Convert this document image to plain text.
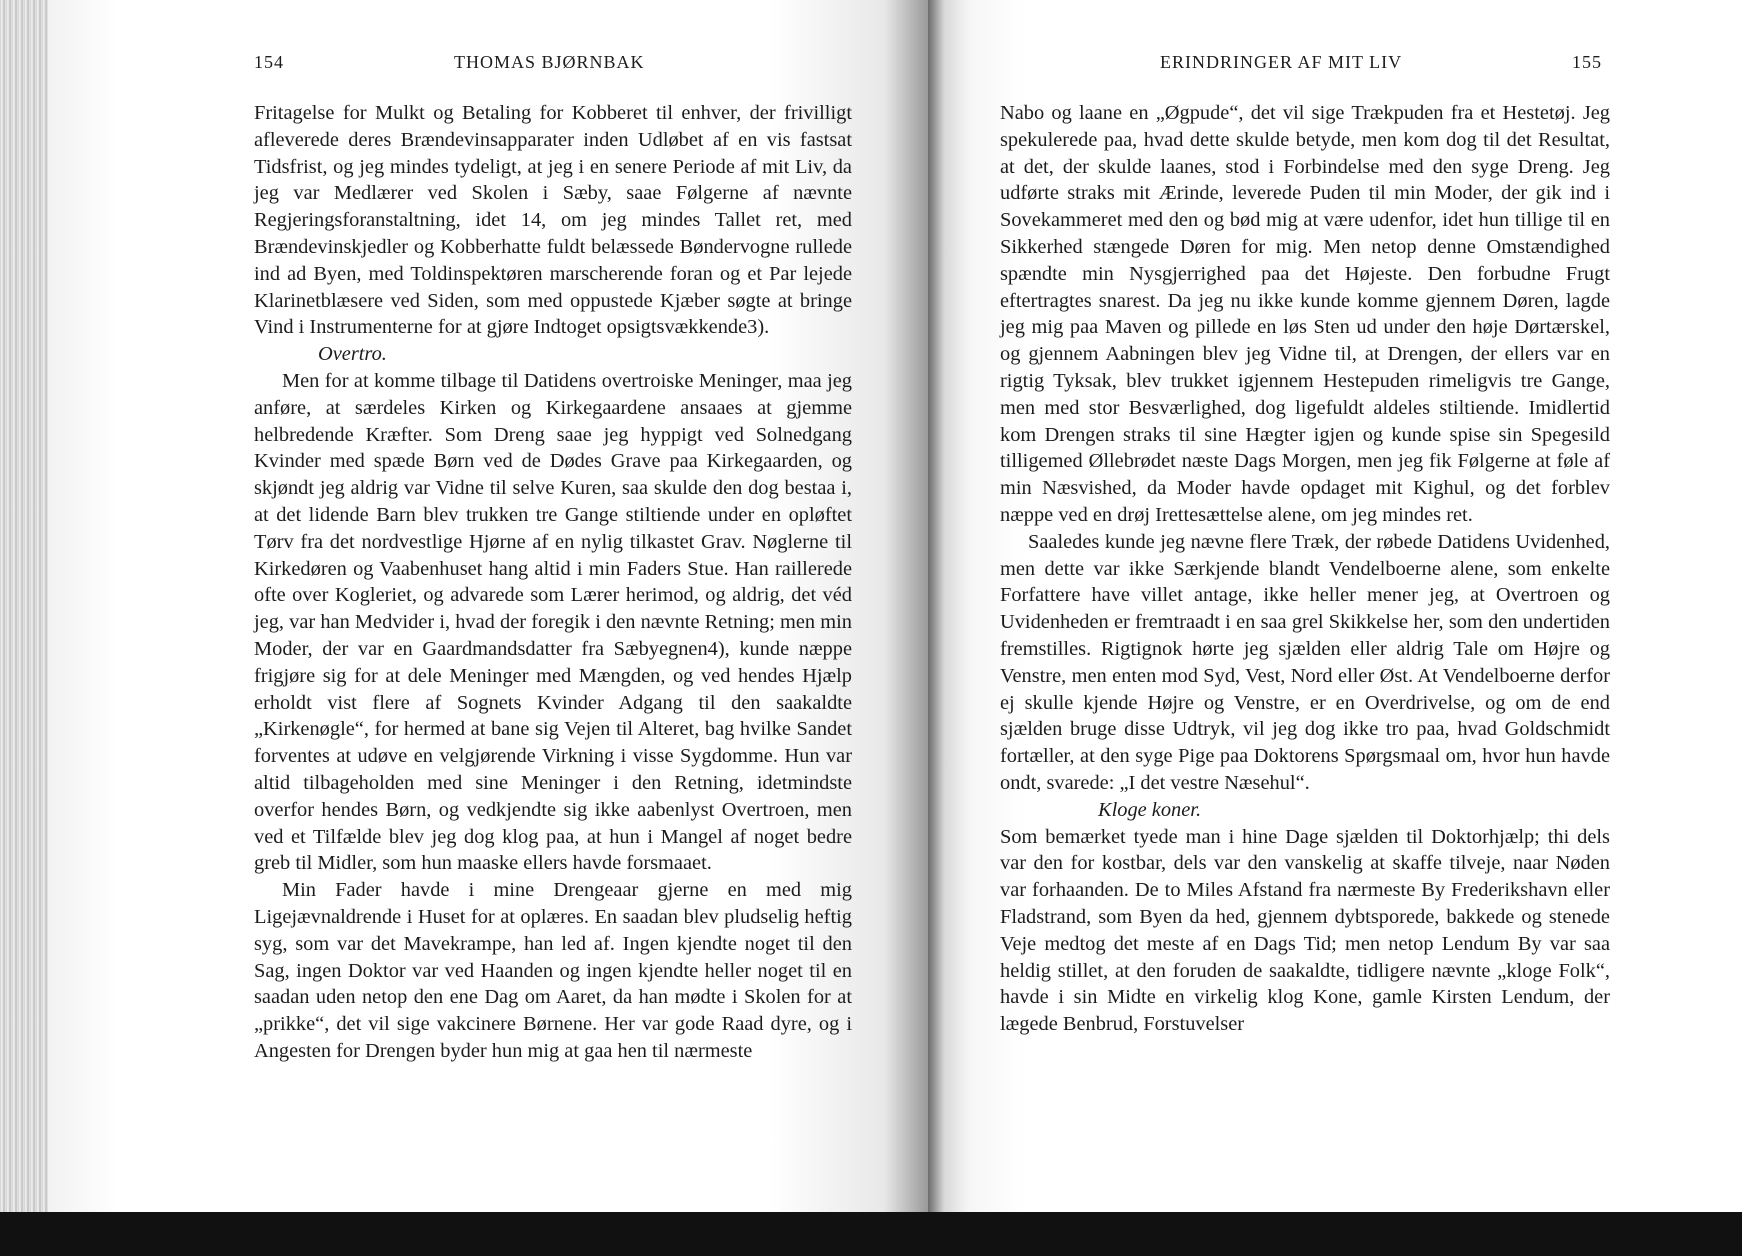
154	THOMAS BJØRNBAK

Fritagelse for Mulkt og Betaling for Kobberet til enhver, der frivilligt afleverede deres Brændevinsapparater inden Udløbet af en vis fastsat Tidsfrist, og jeg mindes tydeligt, at jeg i en senere Periode af mit Liv, da jeg var Medlærer ved Skolen i Sæby, saae Følgerne af nævnte Regjeringsforanstaltning, idet 14, om jeg mindes Tallet ret, med Brændevinskjedler og Kobberhatte fuldt belæssede Bøndervogne rullede ind ad Byen, med Toldinspektøren marscherende foran og et Par lejede Klarinetblæsere ved Siden, som med oppustede Kjæber søgte at bringe Vind i Instrumenterne for at gjøre Indtoget opsigtsvækkende3).

Overtro.

Men for at komme tilbage til Datidens overtroiske Meninger, maa jeg anføre, at særdeles Kirken og Kirkegaardene ansaaes at gjemme helbredende Kræfter. Som Dreng saae jeg hyppigt ved Solnedgang Kvinder med spæde Børn ved de Dødes Grave paa Kirkegaarden, og skjøndt jeg aldrig var Vidne til selve Kuren, saa skulde den dog bestaa i, at det lidende Barn blev trukken tre Gange stiltiende under en opløftet Tørv fra det nordvestlige Hjørne af en nylig tilkastet Grav. Nøglerne til Kirkedøren og Vaabenhuset hang altid i min Faders Stue. Han raillerede ofte over Kogleriet, og advarede som Lærer herimod, og aldrig, det véd jeg, var han Medvider i, hvad der foregik i den nævnte Retning; men min Moder, der var en Gaardmandsdatter fra Sæbyegnen4), kunde næppe frigjøre sig for at dele Meninger med Mængden, og ved hendes Hjælp erholdt vist flere af Sognets Kvinder Adgang til den saakaldte „Kirkenøgle“, for hermed at bane sig Vejen til Alteret, bag hvilke Sandet forventes at udøve en velgjørende Virkning i visse Sygdomme. Hun var altid tilbageholden med sine Meninger i den Retning, idetmindste overfor hendes Børn, og vedkjendte sig ikke aabenlyst Overtroen, men ved et Tilfælde blev jeg dog klog paa, at hun i Mangel af noget bedre greb til Midler, som hun maaske ellers havde forsmaaet.

Min Fader havde i mine Drengeaar gjerne en med mig Ligejævnaldrende i Huset for at oplæres. En saadan blev pludselig heftig syg, som var det Mavekrampe, han led af. Ingen kjendte noget til den Sag, ingen Doktor var ved Haanden og ingen kjendte heller noget til en saadan uden netop den ene Dag om Aaret, da han mødte i Skolen for at „prikke“, det vil sige vakcinere Børnene. Her var gode Raad dyre, og i Angesten for Drengen byder hun mig at gaa hen til nærmeste

ERINDRINGER AF MIT LIV	155

Nabo og laane en „Øgpude“, det vil sige Trækpuden fra et Hestetøj. Jeg spekulerede paa, hvad dette skulde betyde, men kom dog til det Resultat, at det, der skulde laanes, stod i Forbindelse med den syge Dreng. Jeg udførte straks mit Ærinde, leverede Puden til min Moder, der gik ind i Sovekammeret med den og bød mig at være udenfor, idet hun tillige til en Sikkerhed stængede Døren for mig. Men netop denne Omstændighed spændte min Nysgjerrighed paa det Højeste. Den forbudne Frugt eftertragtes snarest. Da jeg nu ikke kunde komme gjennem Døren, lagde jeg mig paa Maven og pillede en løs Sten ud under den høje Dørtærskel, og gjennem Aabningen blev jeg Vidne til, at Drengen, der ellers var en rigtig Tyksak, blev trukket igjennem Hestepuden rimeligvis tre Gange, men med stor Besværlighed, dog ligefuldt aldeles stiltiende. Imidlertid kom Drengen straks til sine Hægter igjen og kunde spise sin Spegesild tilligemed Øllebrødet næste Dags Morgen, men jeg fik Følgerne at føle af min Næsvished, da Moder havde opdaget mit Kighul, og det forblev næppe ved en drøj Irettesættelse alene, om jeg mindes ret.

Saaledes kunde jeg nævne flere Træk, der røbede Datidens Uvidenhed, men dette var ikke Særkjende blandt Vendelboerne alene, som enkelte Forfattere have villet antage, ikke heller mener jeg, at Overtroen og Uvidenheden er fremtraadt i en saa grel Skikkelse her, som den undertiden fremstilles. Rigtignok hørte jeg sjælden eller aldrig Tale om Højre og Venstre, men enten mod Syd, Vest, Nord eller Øst. At Vendelboerne derfor ej skulle kjende Højre og Venstre, er en Overdrivelse, og om de end sjælden bruge disse Udtryk, vil jeg dog ikke tro paa, hvad Goldschmidt fortæller, at den syge Pige paa Doktorens Spørgsmaal om, hvor hun havde ondt, svarede: „I det vestre Næsehul“.

Kloge koner.

Som bemærket tyede man i hine Dage sjælden til Doktorhjælp; thi dels var den for kostbar, dels var den vanskelig at skaffe tilveje, naar Nøden var forhaanden. De to Miles Afstand fra nærmeste By Frederikshavn eller Fladstrand, som Byen da hed, gjennem dybtsporede, bakkede og stenede Veje medtog det meste af en Dags Tid; men netop Lendum By var saa heldig stillet, at den foruden de saakaldte, tidligere nævnte „kloge Folk“, havde i sin Midte en virkelig klog Kone, gamle Kirsten Lendum, der lægede Benbrud, Forstuvelser
